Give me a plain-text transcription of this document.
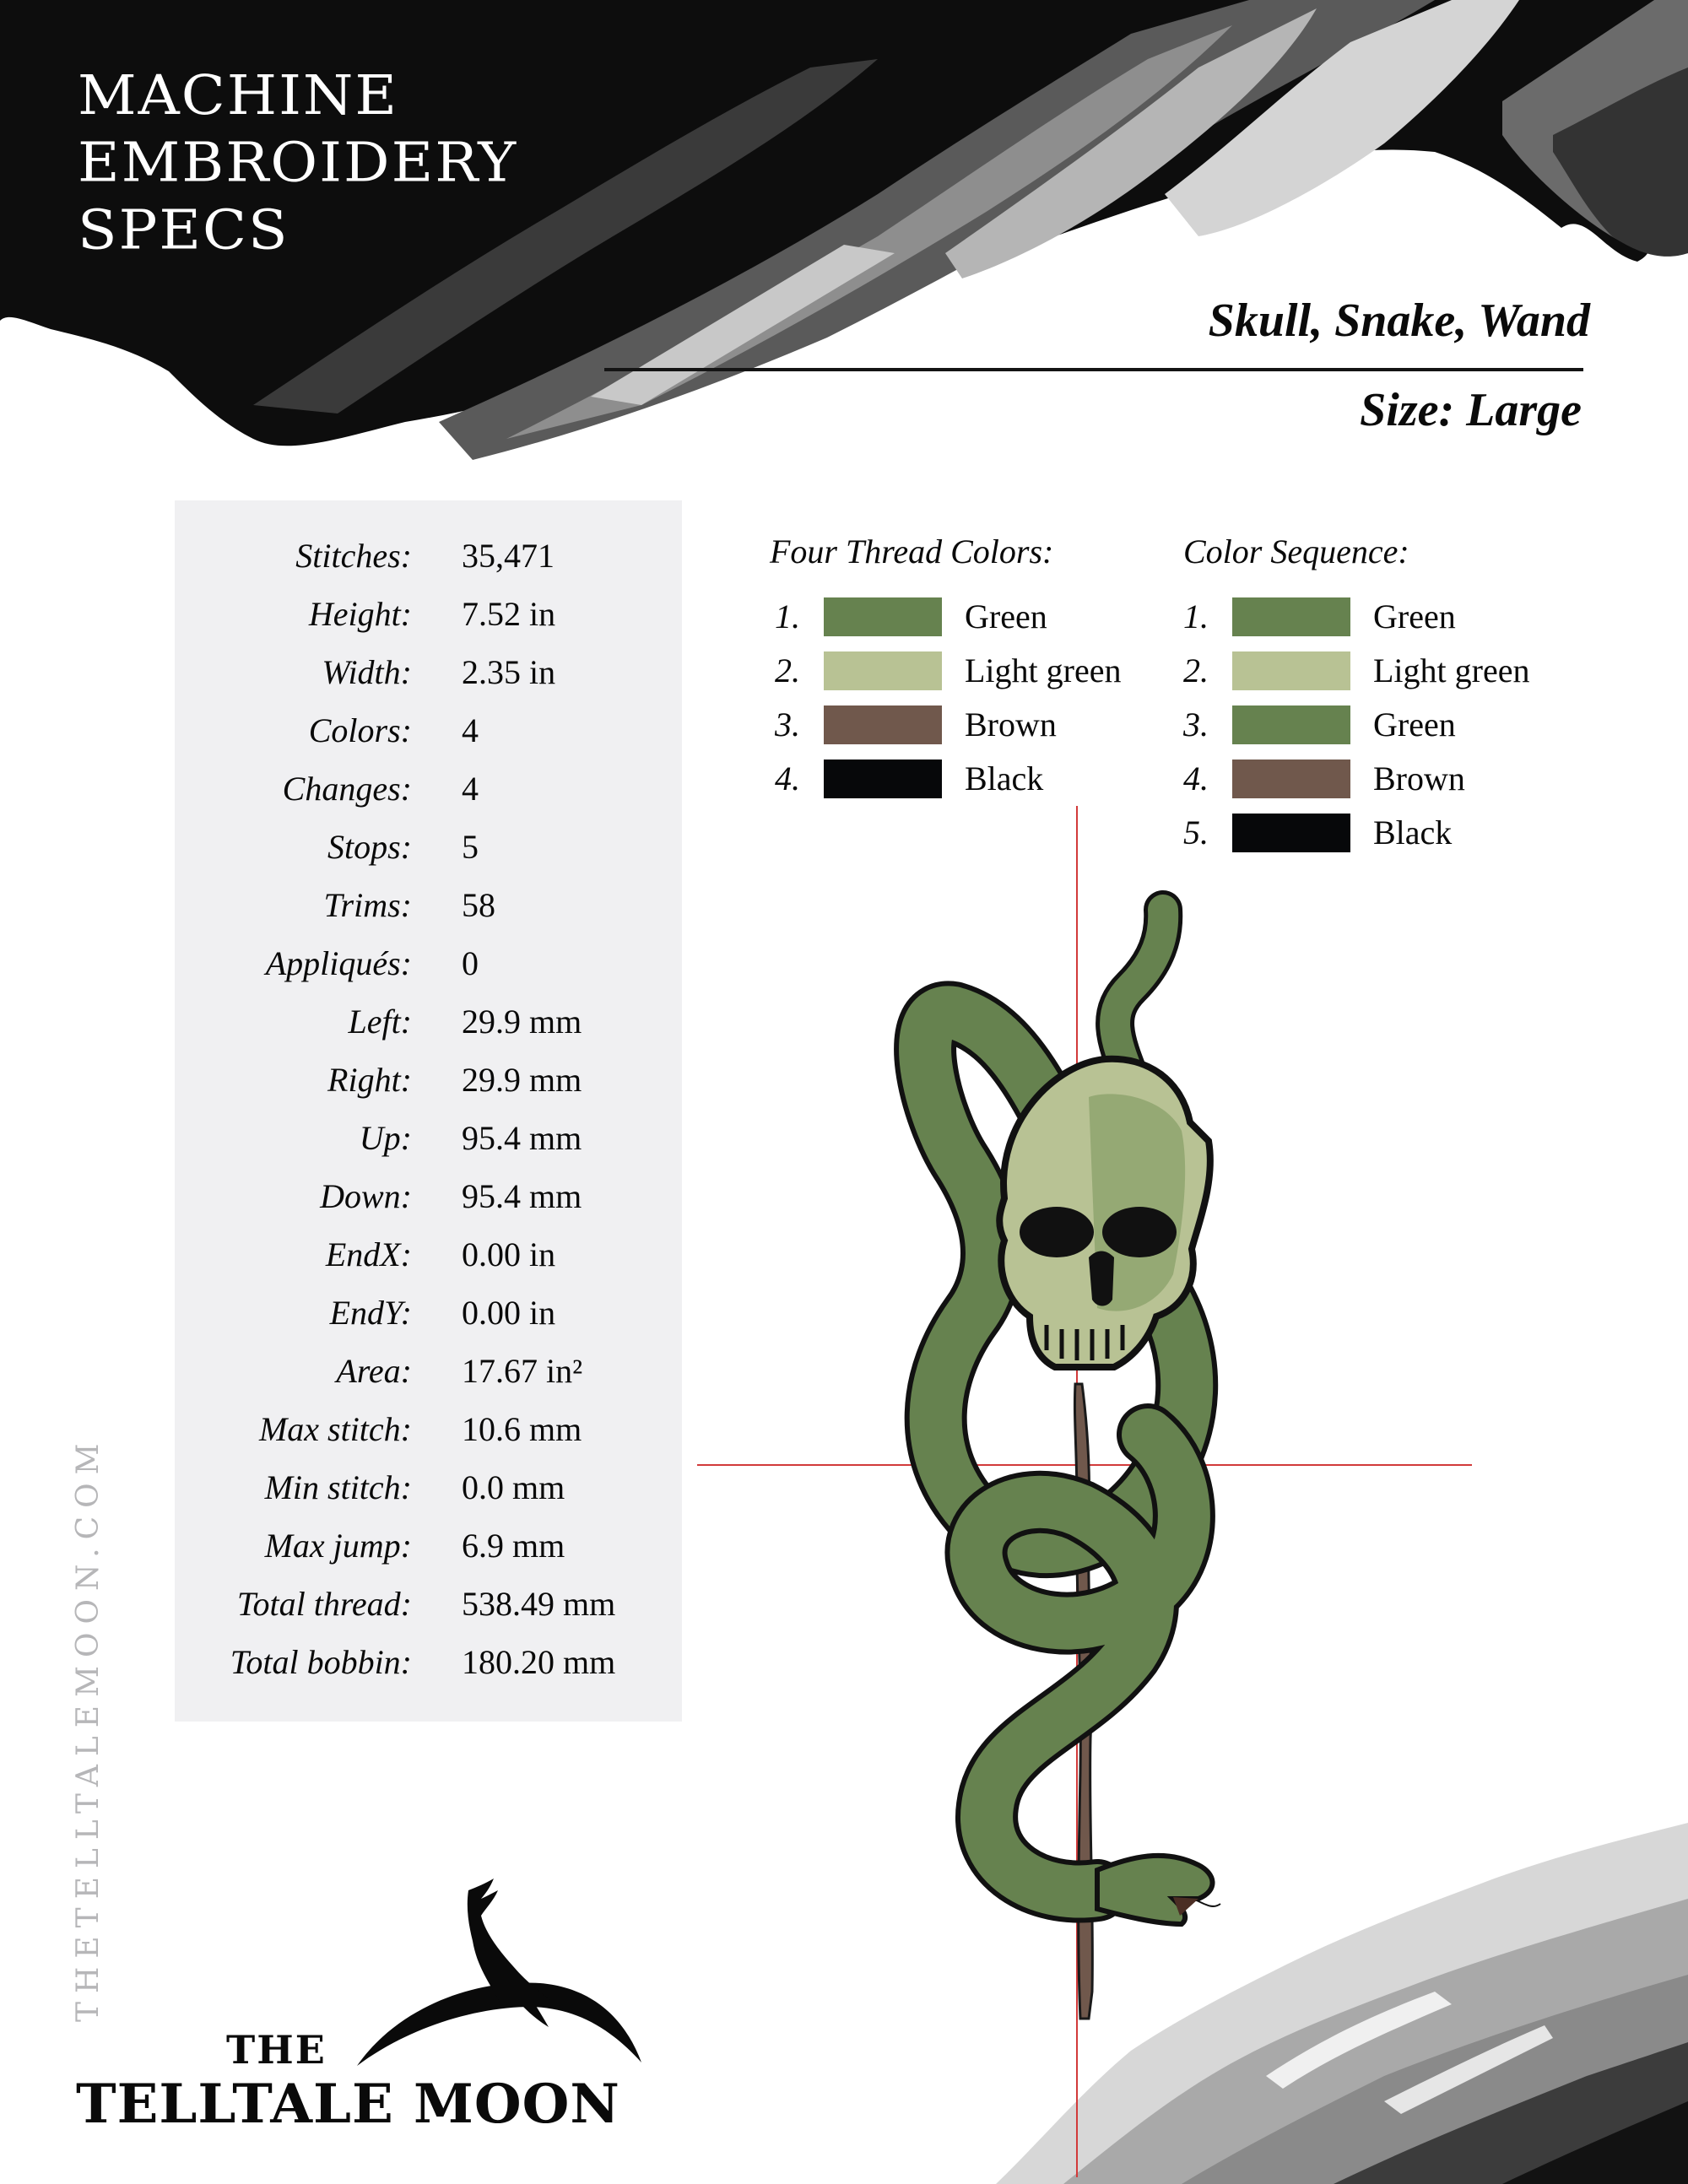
MACHINE
EMBROIDERY
SPECS
Skull, Snake, Wand
Size: Large
Stitches: 35,471
Height: 7.52 in
Width: 2.35 in
Colors: 4
Changes: 4
Stops: 5
Trims: 58
Appliqués: 0
Left: 29.9 mm
Right: 29.9 mm
Up: 95.4 mm
Down: 95.4 mm
EndX: 0.00 in
EndY: 0.00 in
Area: 17.67 in²
Max stitch: 10.6 mm
Min stitch: 0.0 mm
Max jump: 6.9 mm
Total thread: 538.49 mm
Total bobbin: 180.20 mm
Four Thread Colors:
1.	Green
2.	Light green
3.	Brown
4.	Black
Color Sequence:
1.	Green
2.	Light green
3.	Green
4.	Brown
5.	Black
THETELLTALEMOON.COM
THE
TELLTALE MOON
